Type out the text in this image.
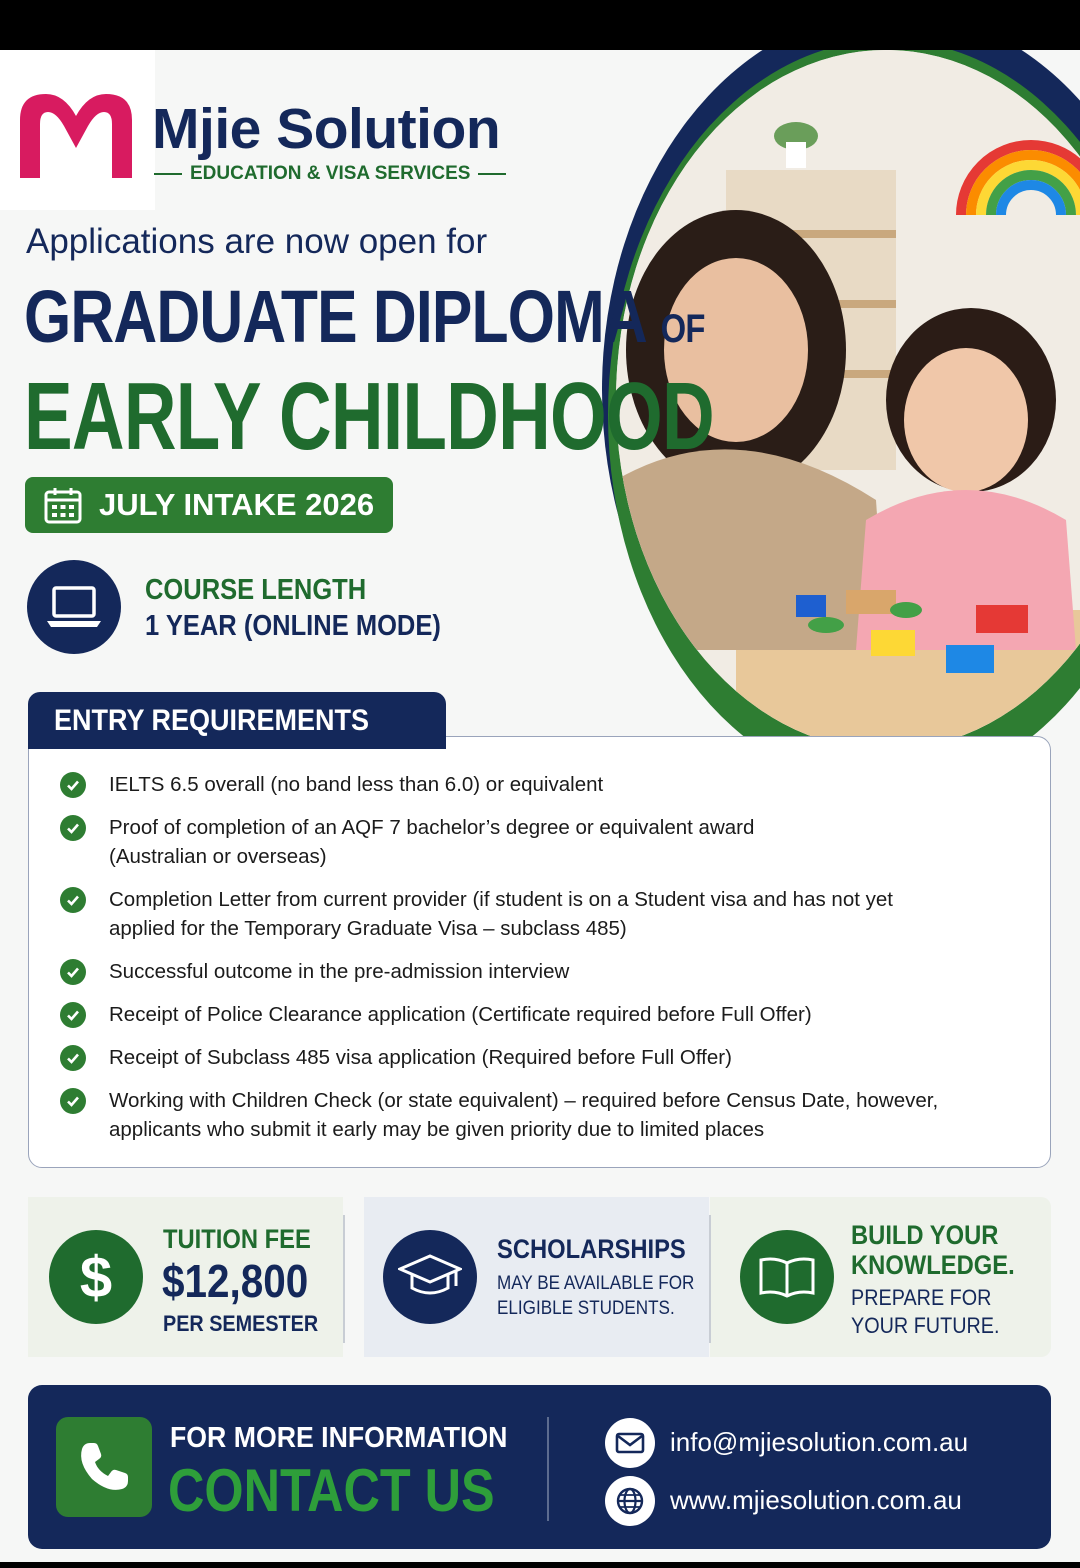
Mjie Solution
EDUCATION & VISA SERVICES
Applications are now open for
GRADUATE DIPLOMA OF
EARLY CHILDHOOD
JULY INTAKE 2026
COURSE LENGTH
1 YEAR (ONLINE MODE)
ENTRY REQUIREMENTS
IELTS 6.5 overall (no band less than 6.0) or equivalent
Proof of completion of an AQF 7 bachelor’s degree or equivalent award (Australian or overseas)
Completion Letter from current provider (if student is on a Student visa and has not yet applied for the Temporary Graduate Visa – subclass 485)
Successful outcome in the pre-admission interview
Receipt of Police Clearance application (Certificate required before Full Offer)
Receipt of Subclass 485 visa application (Required before Full Offer)
Working with Children Check (or state equivalent) – required before Census Date, however, applicants who submit it early may be given priority due to limited places
$
TUITION FEE
$12,800
PER SEMESTER
SCHOLARSHIPS
MAY BE AVAILABLE FOR
ELIGIBLE STUDENTS.
BUILD YOUR
KNOWLEDGE.
PREPARE FOR
YOUR FUTURE.
FOR MORE INFORMATION
CONTACT US
info@mjiesolution.com.au
www.mjiesolution.com.au
